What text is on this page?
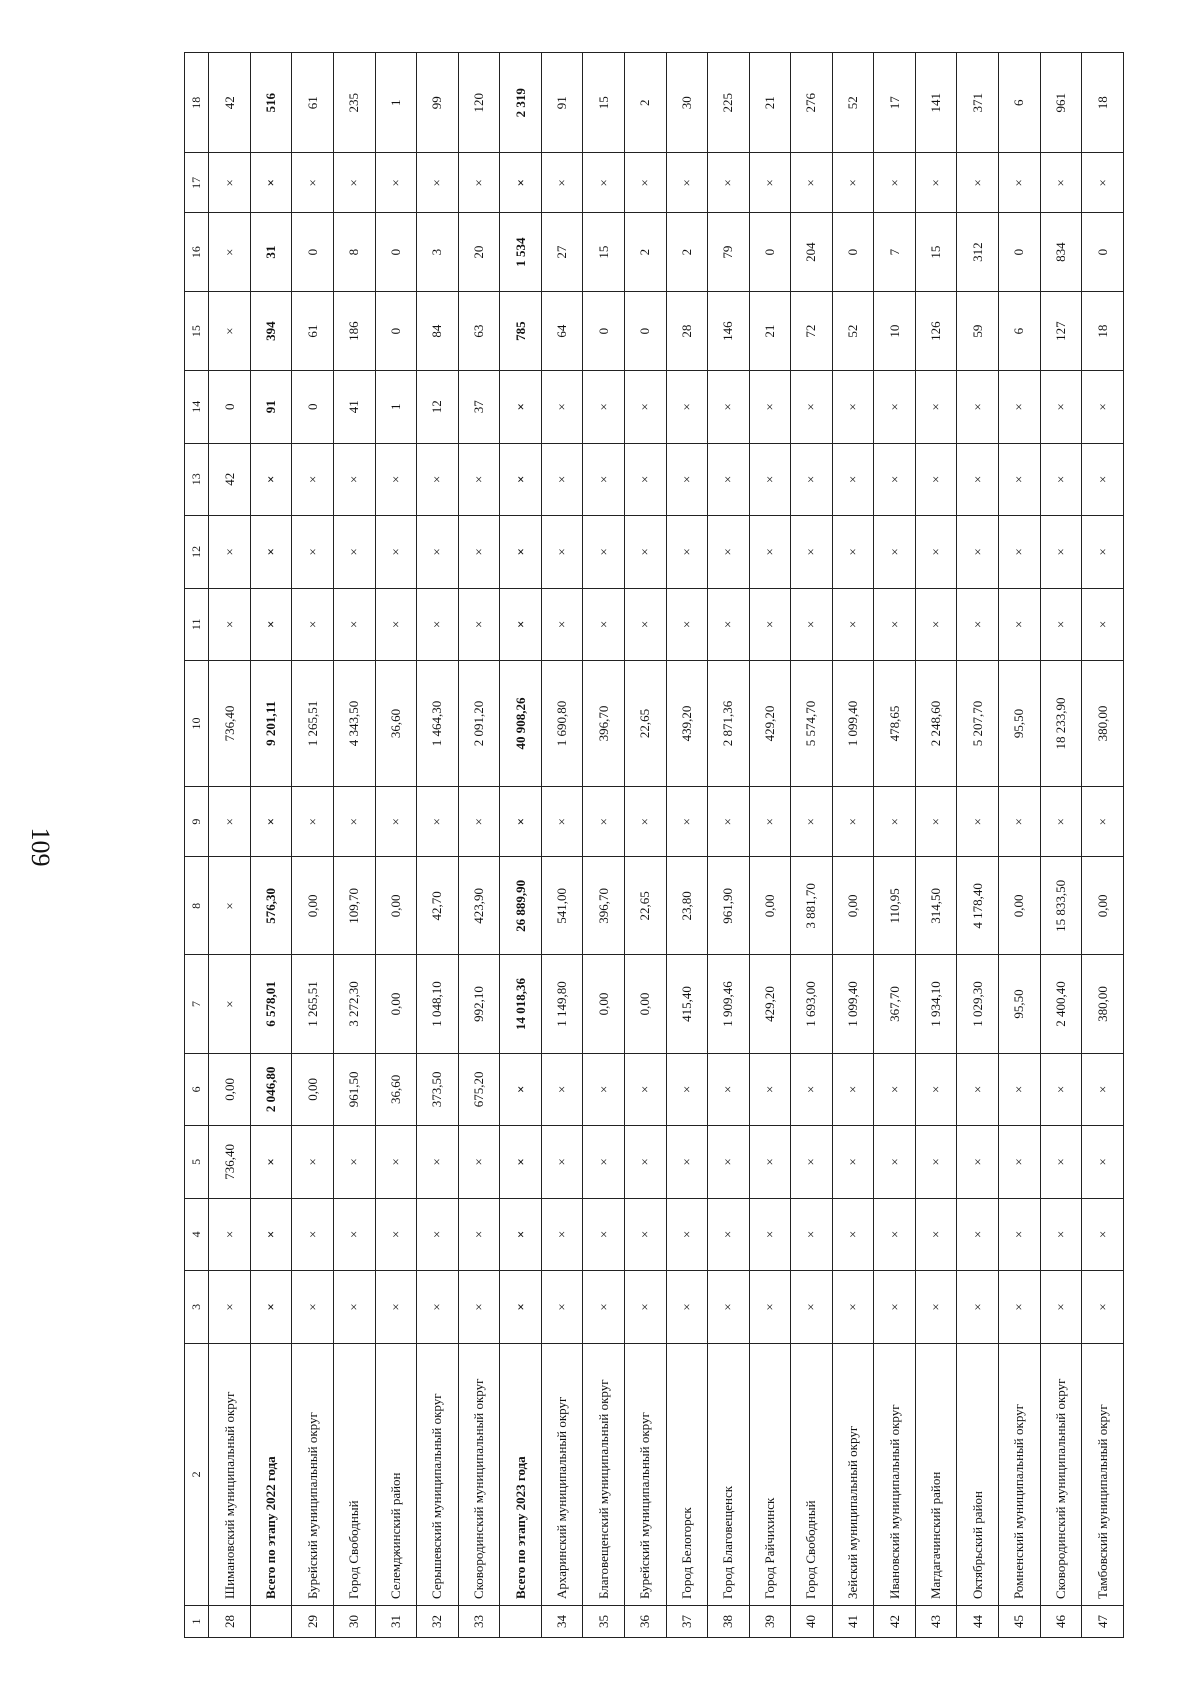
109
1	2	3	4	5	6	7	8	9	10	11	12	13	14	15	16	17	18
28	Шимановский муниципальный округ	×	×	736,40	0,00	×	×	×	736,40	×	×	42	0	×	×	×	42
	Всего по этапу 2022 года	×	×	×	2 046,80	6 578,01	576,30	×	9 201,11	×	×	×	91	394	31	×	516
29	Бурейский муниципальный округ	×	×	×	0,00	1 265,51	0,00	×	1 265,51	×	×	×	0	61	0	×	61
30	Город Свободный	×	×	×	961,50	3 272,30	109,70	×	4 343,50	×	×	×	41	186	8	×	235
31	Селемджинский район	×	×	×	36,60	0,00	0,00	×	36,60	×	×	×	1	0	0	×	1
32	Серышевский муниципальный округ	×	×	×	373,50	1 048,10	42,70	×	1 464,30	×	×	×	12	84	3	×	99
33	Сковородинский муниципальный округ	×	×	×	675,20	992,10	423,90	×	2 091,20	×	×	×	37	63	20	×	120
	Всего по этапу 2023 года	×	×	×	×	14 018,36	26 889,90	×	40 908,26	×	×	×	×	785	1 534	×	2 319
34	Архаринский муниципальный округ	×	×	×	×	1 149,80	541,00	×	1 690,80	×	×	×	×	64	27	×	91
35	Благовещенский муниципальный округ	×	×	×	×	0,00	396,70	×	396,70	×	×	×	×	0	15	×	15
36	Бурейский муниципальный округ	×	×	×	×	0,00	22,65	×	22,65	×	×	×	×	0	2	×	2
37	Город Белогорск	×	×	×	×	415,40	23,80	×	439,20	×	×	×	×	28	2	×	30
38	Город Благовещенск	×	×	×	×	1 909,46	961,90	×	2 871,36	×	×	×	×	146	79	×	225
39	Город Райчихинск	×	×	×	×	429,20	0,00	×	429,20	×	×	×	×	21	0	×	21
40	Город Свободный	×	×	×	×	1 693,00	3 881,70	×	5 574,70	×	×	×	×	72	204	×	276
41	Зейский муниципальный округ	×	×	×	×	1 099,40	0,00	×	1 099,40	×	×	×	×	52	0	×	52
42	Ивановский муниципальный округ	×	×	×	×	367,70	110,95	×	478,65	×	×	×	×	10	7	×	17
43	Магдагачинский район	×	×	×	×	1 934,10	314,50	×	2 248,60	×	×	×	×	126	15	×	141
44	Октябрьский район	×	×	×	×	1 029,30	4 178,40	×	5 207,70	×	×	×	×	59	312	×	371
45	Ромненский муниципальный округ	×	×	×	×	95,50	0,00	×	95,50	×	×	×	×	6	0	×	6
46	Сковородинский муниципальный округ	×	×	×	×	2 400,40	15 833,50	×	18 233,90	×	×	×	×	127	834	×	961
47	Тамбовский муниципальный округ	×	×	×	×	380,00	0,00	×	380,00	×	×	×	×	18	0	×	18
